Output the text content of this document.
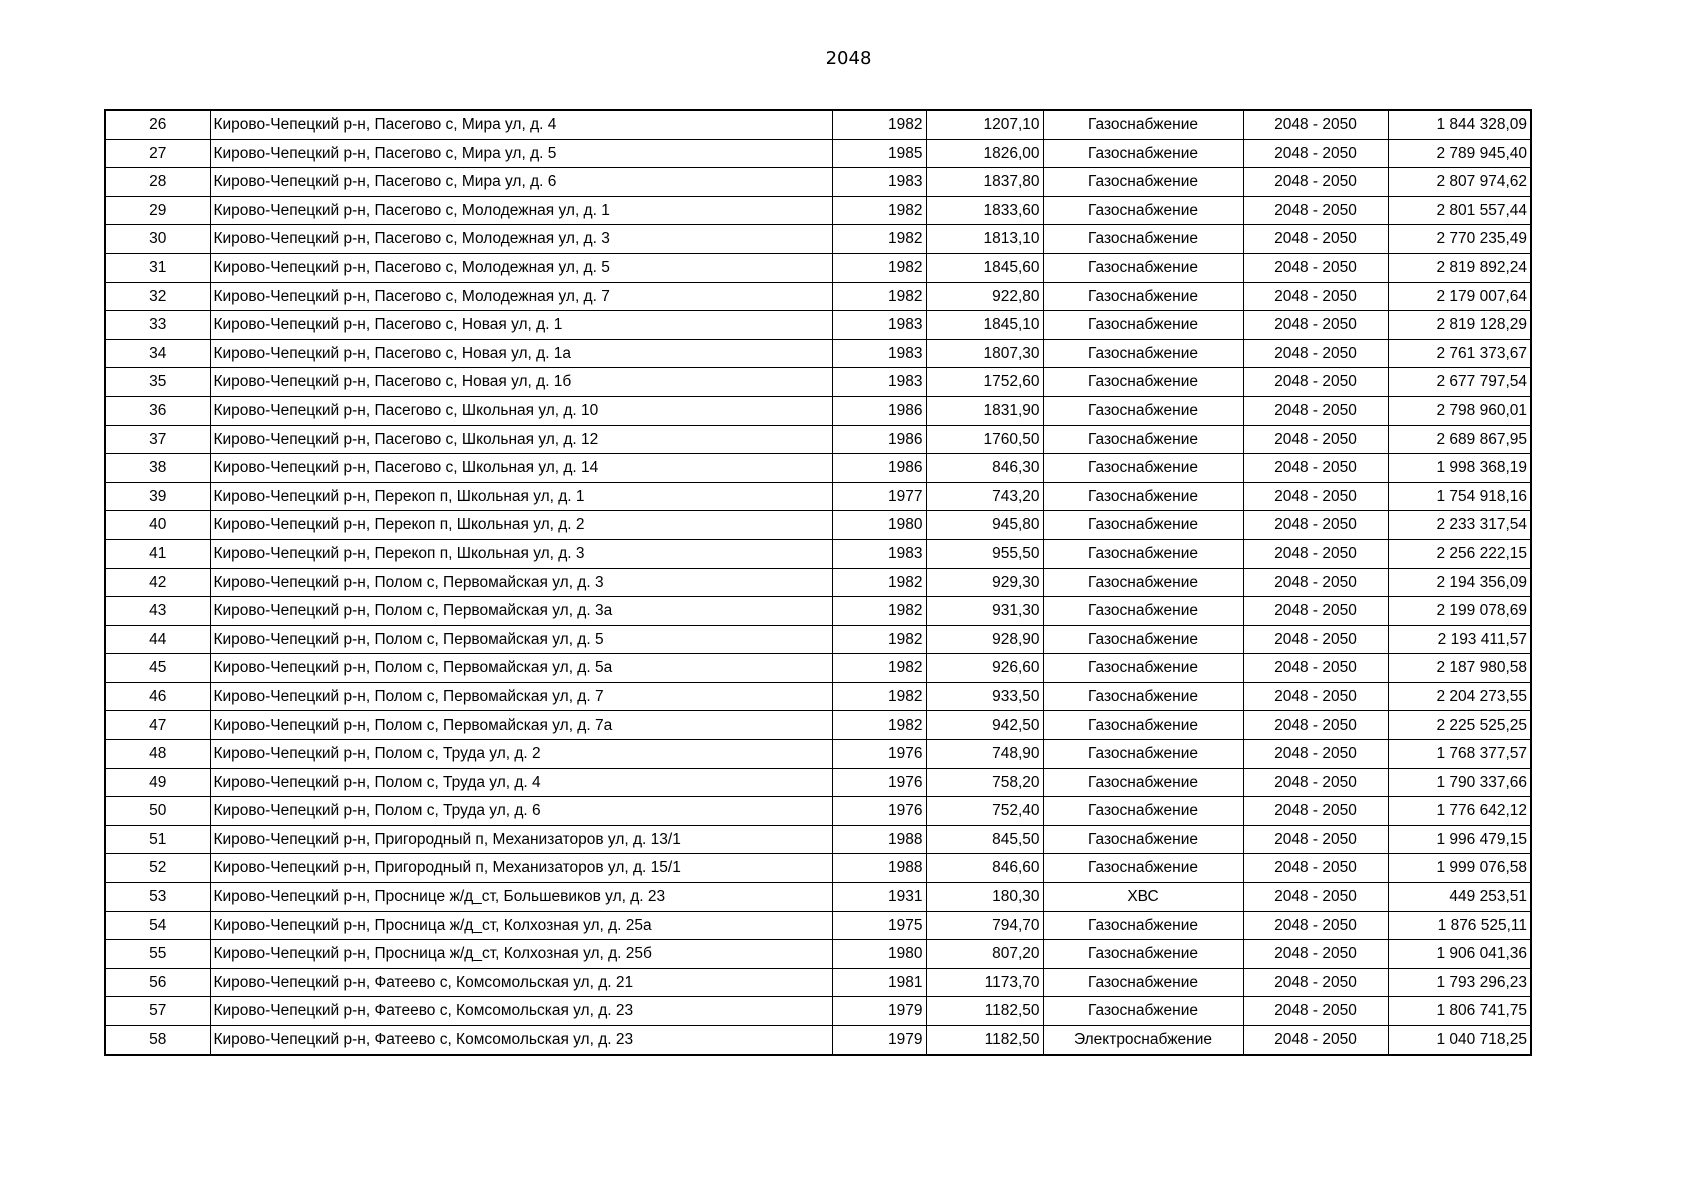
2048
26	Кирово-Чепецкий р-н, Пасегово с, Мира ул, д. 4	1982	1207,10	Газоснабжение	2048 - 2050	1 844 328,09
27	Кирово-Чепецкий р-н, Пасегово с, Мира ул, д. 5	1985	1826,00	Газоснабжение	2048 - 2050	2 789 945,40
28	Кирово-Чепецкий р-н, Пасегово с, Мира ул, д. 6	1983	1837,80	Газоснабжение	2048 - 2050	2 807 974,62
29	Кирово-Чепецкий р-н, Пасегово с, Молодежная ул, д. 1	1982	1833,60	Газоснабжение	2048 - 2050	2 801 557,44
30	Кирово-Чепецкий р-н, Пасегово с, Молодежная ул, д. 3	1982	1813,10	Газоснабжение	2048 - 2050	2 770 235,49
31	Кирово-Чепецкий р-н, Пасегово с, Молодежная ул, д. 5	1982	1845,60	Газоснабжение	2048 - 2050	2 819 892,24
32	Кирово-Чепецкий р-н, Пасегово с, Молодежная ул, д. 7	1982	922,80	Газоснабжение	2048 - 2050	2 179 007,64
33	Кирово-Чепецкий р-н, Пасегово с, Новая ул, д. 1	1983	1845,10	Газоснабжение	2048 - 2050	2 819 128,29
34	Кирово-Чепецкий р-н, Пасегово с, Новая ул, д. 1а	1983	1807,30	Газоснабжение	2048 - 2050	2 761 373,67
35	Кирово-Чепецкий р-н, Пасегово с, Новая ул, д. 1б	1983	1752,60	Газоснабжение	2048 - 2050	2 677 797,54
36	Кирово-Чепецкий р-н, Пасегово с, Школьная ул, д. 10	1986	1831,90	Газоснабжение	2048 - 2050	2 798 960,01
37	Кирово-Чепецкий р-н, Пасегово с, Школьная ул, д. 12	1986	1760,50	Газоснабжение	2048 - 2050	2 689 867,95
38	Кирово-Чепецкий р-н, Пасегово с, Школьная ул, д. 14	1986	846,30	Газоснабжение	2048 - 2050	1 998 368,19
39	Кирово-Чепецкий р-н, Перекоп п, Школьная ул, д. 1	1977	743,20	Газоснабжение	2048 - 2050	1 754 918,16
40	Кирово-Чепецкий р-н, Перекоп п, Школьная ул, д. 2	1980	945,80	Газоснабжение	2048 - 2050	2 233 317,54
41	Кирово-Чепецкий р-н, Перекоп п, Школьная ул, д. 3	1983	955,50	Газоснабжение	2048 - 2050	2 256 222,15
42	Кирово-Чепецкий р-н, Полом с, Первомайская ул, д. 3	1982	929,30	Газоснабжение	2048 - 2050	2 194 356,09
43	Кирово-Чепецкий р-н, Полом с, Первомайская ул, д. 3а	1982	931,30	Газоснабжение	2048 - 2050	2 199 078,69
44	Кирово-Чепецкий р-н, Полом с, Первомайская ул, д. 5	1982	928,90	Газоснабжение	2048 - 2050	2 193 411,57
45	Кирово-Чепецкий р-н, Полом с, Первомайская ул, д. 5а	1982	926,60	Газоснабжение	2048 - 2050	2 187 980,58
46	Кирово-Чепецкий р-н, Полом с, Первомайская ул, д. 7	1982	933,50	Газоснабжение	2048 - 2050	2 204 273,55
47	Кирово-Чепецкий р-н, Полом с, Первомайская ул, д. 7а	1982	942,50	Газоснабжение	2048 - 2050	2 225 525,25
48	Кирово-Чепецкий р-н, Полом с, Труда ул, д. 2	1976	748,90	Газоснабжение	2048 - 2050	1 768 377,57
49	Кирово-Чепецкий р-н, Полом с, Труда ул, д. 4	1976	758,20	Газоснабжение	2048 - 2050	1 790 337,66
50	Кирово-Чепецкий р-н, Полом с, Труда ул, д. 6	1976	752,40	Газоснабжение	2048 - 2050	1 776 642,12
51	Кирово-Чепецкий р-н, Пригородный п, Механизаторов ул, д. 13/1	1988	845,50	Газоснабжение	2048 - 2050	1 996 479,15
52	Кирово-Чепецкий р-н, Пригородный п, Механизаторов ул, д. 15/1	1988	846,60	Газоснабжение	2048 - 2050	1 999 076,58
53	Кирово-Чепецкий р-н, Проснице ж/д_ст, Большевиков ул, д. 23	1931	180,30	ХВС	2048 - 2050	449 253,51
54	Кирово-Чепецкий р-н, Просница ж/д_ст, Колхозная ул, д. 25а	1975	794,70	Газоснабжение	2048 - 2050	1 876 525,11
55	Кирово-Чепецкий р-н, Просница ж/д_ст, Колхозная ул, д. 25б	1980	807,20	Газоснабжение	2048 - 2050	1 906 041,36
56	Кирово-Чепецкий р-н, Фатеево с, Комсомольская ул, д. 21	1981	1173,70	Газоснабжение	2048 - 2050	1 793 296,23
57	Кирово-Чепецкий р-н, Фатеево с, Комсомольская ул, д. 23	1979	1182,50	Газоснабжение	2048 - 2050	1 806 741,75
58	Кирово-Чепецкий р-н, Фатеево с, Комсомольская ул, д. 23	1979	1182,50	Электроснабжение	2048 - 2050	1 040 718,25
